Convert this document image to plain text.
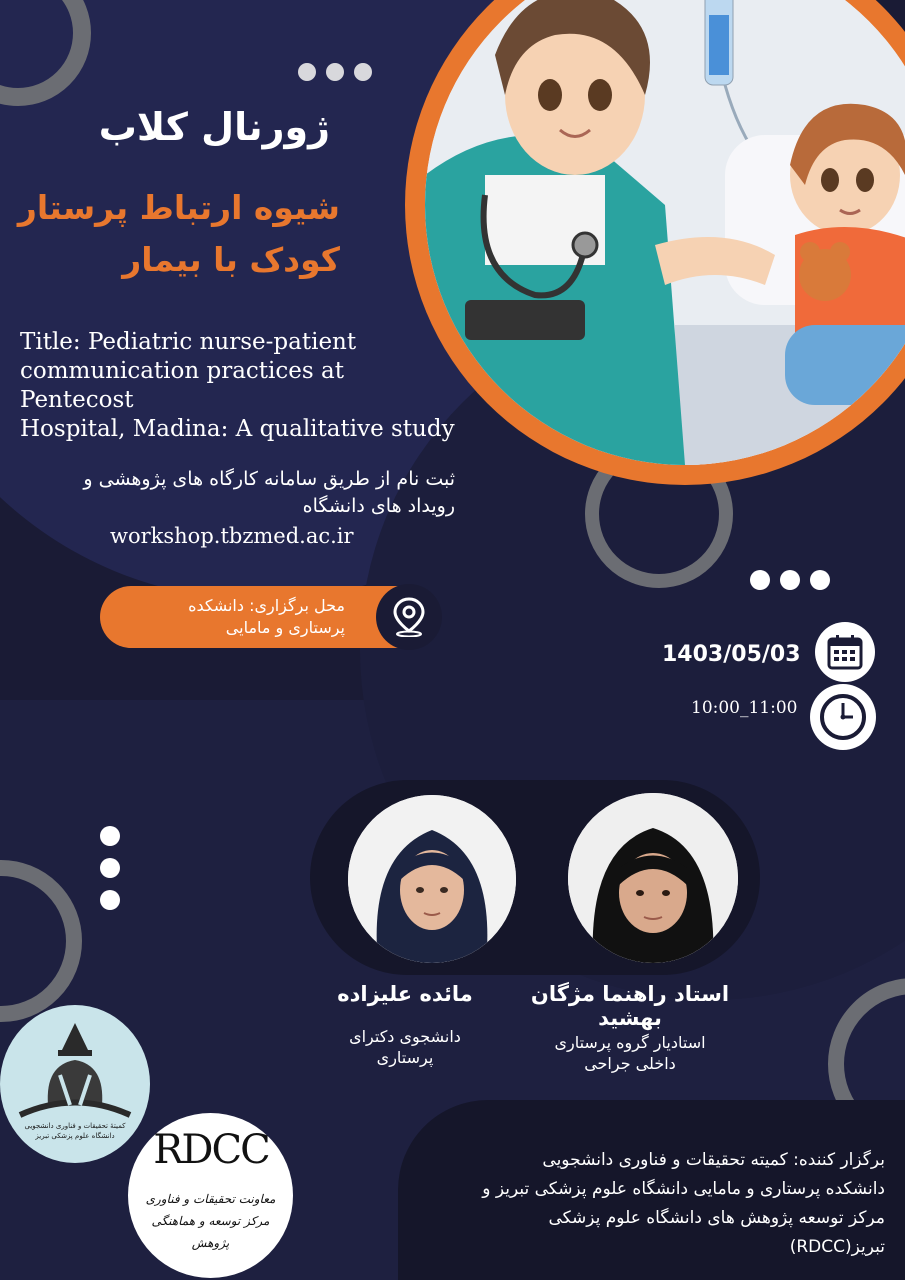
ژورنال کلاب
شیوه ارتباط پرستار
کودک با بیمار
Title: Pediatric nurse-patient
communication practices at Pentecost
Hospital, Madina: A qualitative study
ثبت نام از طریق سامانه کارگاه های پژوهشی و
رویداد های دانشگاه
workshop.tbzmed.ac.ir
محل برگزاری: دانشکده
پرستاری و مامایی
1403/05/03
10:00_11:00
مائده علیزاده
دانشجوی دکترای
پرستاری
استاد راهنما مژگان
بهشید
استادیار گروه پرستاری
داخلی جراحی
برگزار کننده: کمیته تحقیقات و فناوری دانشجویی
دانشکده پرستاری و مامایی دانشگاه علوم پزشکی تبریز و
مرکز توسعه پژوهش های دانشگاه علوم پزشکی
تبریز(RDCC)
کمیتهٔ تحقیقات و فناوری دانشجویی
دانشگاه علوم پزشکی تبریز RDCC
معاونت تحقیقات و فناوری
مرکز توسعه و هماهنگی پژوهش
